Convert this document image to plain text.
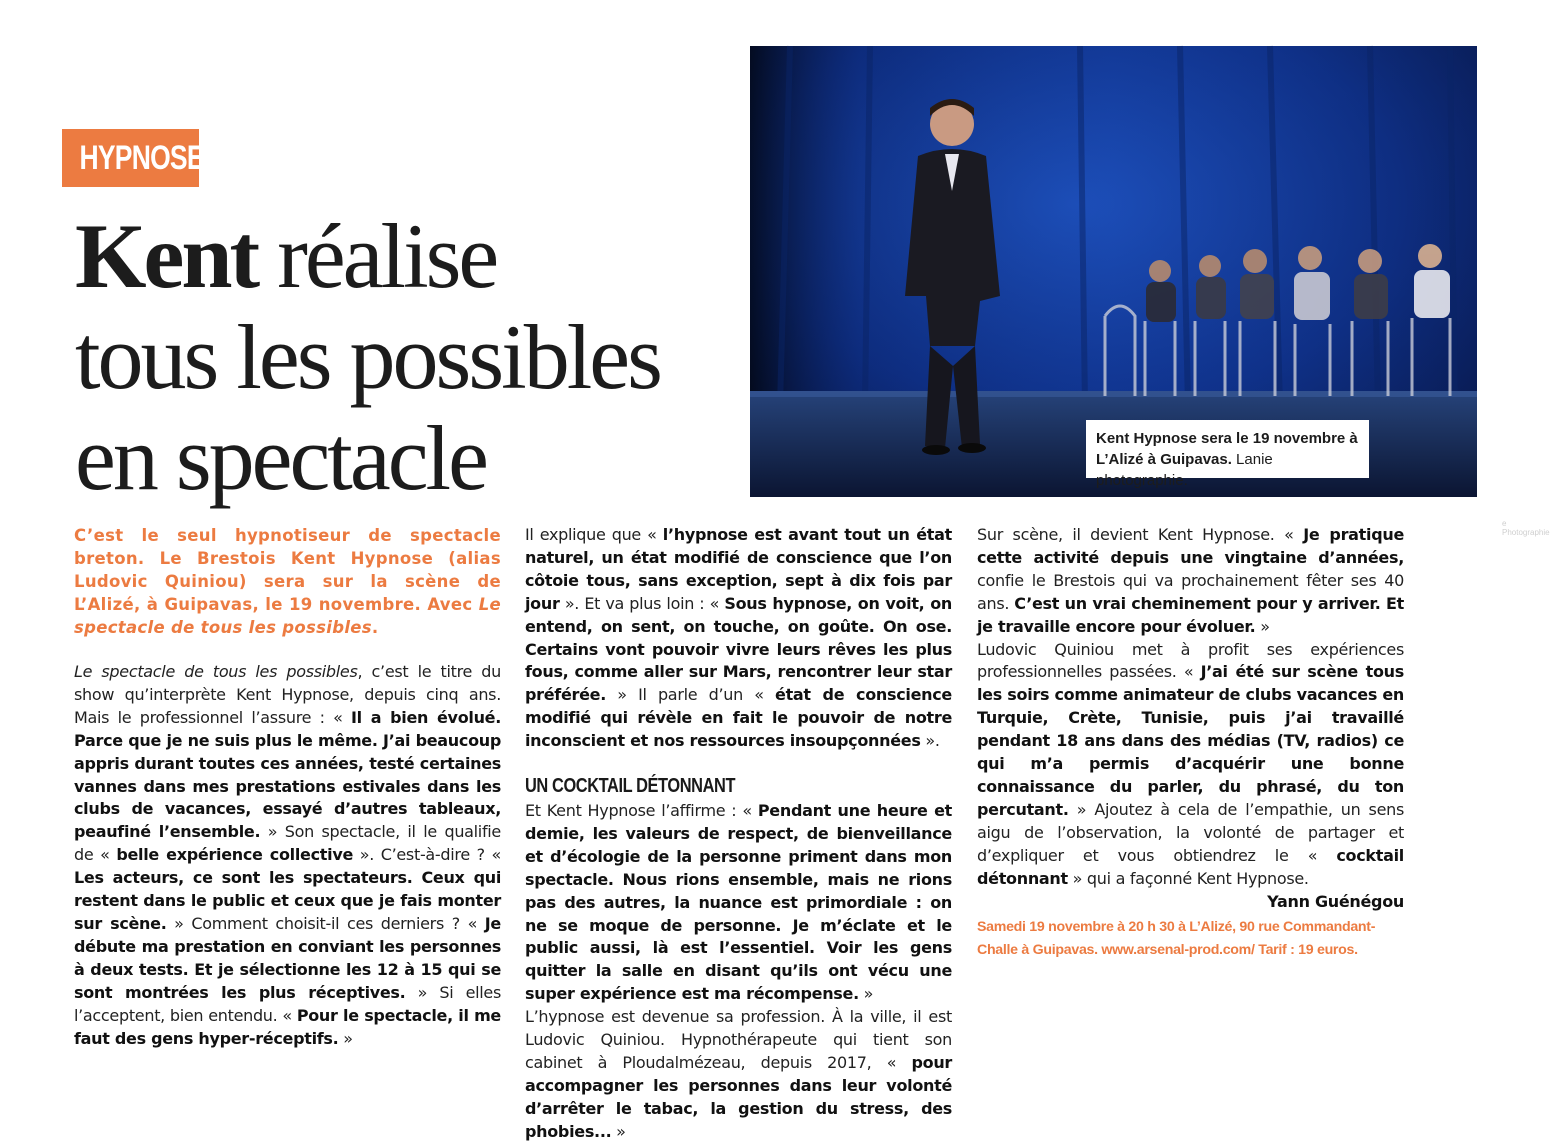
HYPNOSE
Kent réalise
tous les possibles
en spectacle
e Photographie
Kent Hypnose sera le 19 novembre à L’Alizé à Guipavas. Lanie photographie.

C’est le seul hypnotiseur de spectacle breton. Le Brestois Kent Hypnose (alias Ludovic Quiniou) sera sur la scène de L’Alizé, à Guipavas, le 19 novembre. Avec Le spectacle de tous les possibles.

Le spectacle de tous les possibles, c’est le titre du show qu’interprète Kent Hypnose, depuis cinq ans. Mais le professionnel l’assure : « Il a bien évolué. Parce que je ne suis plus le même. J’ai beaucoup appris durant toutes ces années, testé certaines vannes dans mes prestations estivales dans les clubs de vacances, essayé d’autres tableaux, peaufiné l’ensemble. » Son spectacle, il le qualifie de « belle expérience collective ». C’est-à-dire ? « Les acteurs, ce sont les spectateurs. Ceux qui restent dans le public et ceux que je fais monter sur scène. » Comment choisit-il ces derniers ? « Je débute ma prestation en conviant les personnes à deux tests. Et je sélectionne les 12 à 15 qui se sont montrées les plus réceptives. » Si elles l’acceptent, bien entendu. « Pour le spectacle, il me faut des gens hyper-réceptifs. »

Il explique que « l’hypnose est avant tout un état naturel, un état modifié de conscience que l’on côtoie tous, sans exception, sept à dix fois par jour ». Et va plus loin : « Sous hypnose, on voit, on entend, on sent, on touche, on goûte. On ose. Certains vont pouvoir vivre leurs rêves les plus fous, comme aller sur Mars, rencontrer leur star préférée. » Il parle d’un « état de conscience modifié qui révèle en fait le pouvoir de notre inconscient et nos ressources insoupçonnées ».

UN COCKTAIL DÉTONNANT

Et Kent Hypnose l’affirme : « Pendant une heure et demie, les valeurs de respect, de bienveillance et d’écologie de la personne priment dans mon spectacle. Nous rions ensemble, mais ne rions pas des autres, la nuance est primordiale : on ne se moque de personne. Je m’éclate et le public aussi, là est l’essentiel. Voir les gens quitter la salle en disant qu’ils ont vécu une super expérience est ma récompense. »

L’hypnose est devenue sa profession. À la ville, il est Ludovic Quiniou. Hypnothérapeute qui tient son cabinet à Ploudalmézeau, depuis 2017, « pour accompagner les personnes dans leur volonté d’arrêter le tabac, la gestion du stress, des phobies... »

Sur scène, il devient Kent Hypnose. « Je pratique cette activité depuis une vingtaine d’années, confie le Brestois qui va prochainement fêter ses 40 ans. C’est un vrai cheminement pour y arriver. Et je travaille encore pour évoluer. »

Ludovic Quiniou met à profit ses expériences professionnelles passées. « J’ai été sur scène tous les soirs comme animateur de clubs vacances en Turquie, Crète, Tunisie, puis j’ai travaillé pendant 18 ans dans des médias (TV, radios) ce qui m’a permis d’acquérir une bonne connaissance du parler, du phrasé, du ton percutant. » Ajoutez à cela de l’empathie, un sens aigu de l’observation, la volonté de partager et d’expliquer et vous obtiendrez le « cocktail détonnant » qui a façonné Kent Hypnose.

Yann Guénégou

Samedi 19 novembre à 20 h 30 à L’Alizé, 90 rue Commandant-Challe à Guipavas. www.arsenal-prod.com/ Tarif : 19 euros.
